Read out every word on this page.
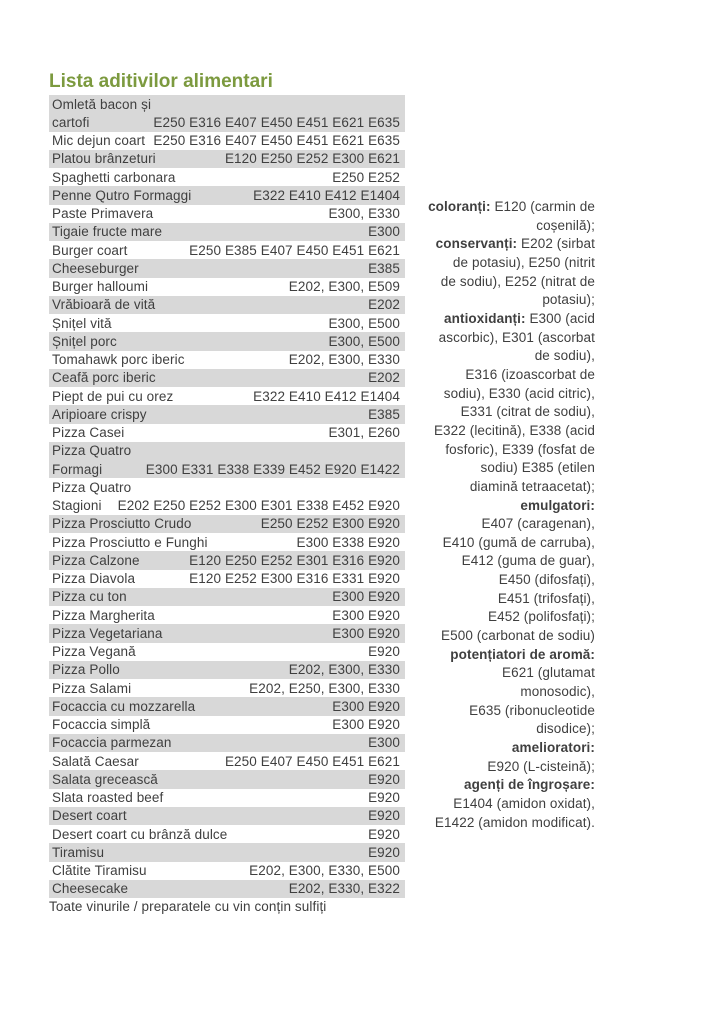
Lista aditivilor alimentari
Omletă bacon și
cartofi	E250 E316 E407 E450 E451 E621 E635
Mic dejun coart E250 E316 E407 E450 E451 E621 E635
Platou brânzeturi	E120 E250 E252 E300 E621
Spaghetti carbonara	E250 E252
Penne Qutro Formaggi	E322 E410 E412 E1404
Paste Primavera	E300, E330
Tigaie fructe mare	E300
Burger coart	E250 E385 E407 E450 E451 E621
Cheeseburger	E385
Burger halloumi	E202, E300, E509
Vrăbioară de vită	E202
Șnițel vită	E300, E500
Șnițel porc	E300, E500
Tomahawk porc iberic	E202, E300, E330
Ceafă porc iberic	E202
Piept de pui cu orez	E322 E410 E412 E1404
Aripioare crispy	E385
Pizza Casei	E301, E260
Pizza Quatro
Formagi	E300 E331 E338 E339 E452 E920 E1422
Pizza Quatro
Stagioni E202 E250 E252 E300 E301 E338 E452 E920
Pizza Prosciutto Crudo	E250 E252 E300 E920
Pizza Prosciutto e Funghi	E300 E338 E920
Pizza Calzone	E120 E250 E252 E301 E316 E920
Pizza Diavola	E120 E252 E300 E316 E331 E920
Pizza cu ton	E300 E920
Pizza Margherita	E300 E920
Pizza Vegetariana	E300 E920
Pizza Vegană	E920
Pizza Pollo	E202, E300, E330
Pizza Salami	E202, E250, E300, E330
Focaccia cu mozzarella	E300 E920
Focaccia simplă	E300 E920
Focaccia parmezan	E300
Salată Caesar	E250 E407 E450 E451 E621
Salata grecească	E920
Slata roasted beef	E920
Desert coart	E920
Desert coart cu brânză dulce	E920
Tiramisu	E920
Clătite Tiramisu	E202, E300, E330, E500
Cheesecake	E202, E330, E322
coloranți: E120 (carmin de
coșenilă);
conservanți: E202 (sirbat
de potasiu), E250 (nitrit
de sodiu), E252 (nitrat de
potasiu);
antioxidanți: E300 (acid
ascorbic), E301 (ascorbat
de sodiu),
E316 (izoascorbat de
sodiu), E330 (acid citric),
E331 (citrat de sodiu),
E322 (lecitină), E338 (acid
fosforic), E339 (fosfat de
sodiu) E385 (etilen
diamină tetraacetat);
emulgatori:
E407 (caragenan),
E410 (gumă de carruba),
E412 (guma de guar),
E450 (difosfați),
E451 (trifosfați),
E452 (polifosfați);
E500 (carbonat de sodiu)
potențiatori de aromă:
E621 (glutamat
monosodic),
E635 (ribonucleotide
disodice);
amelioratori:
E920 (L-cisteină);
agenți de îngroșare:
E1404 (amidon oxidat),
E1422 (amidon modificat).
Toate vinurile / preparatele cu vin conțin sulfiți
